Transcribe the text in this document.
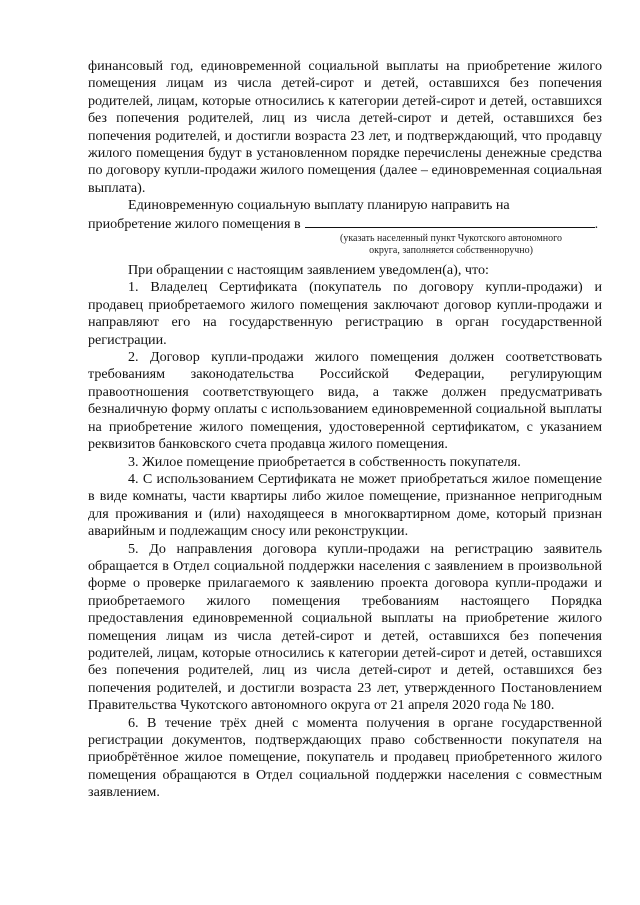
финансовый год, единовременной социальной выплаты на приобретение жилого помещения лицам из числа детей-сирот и детей, оставшихся без попечения родителей, лицам, которые относились к категории детей-сирот и детей, оставшихся без попечения родителей, лиц из числа детей-сирот и детей, оставшихся без попечения родителей, и достигли возраста 23 лет, и подтверждающий, что продавцу жилого помещения будут в установленном порядке перечислены денежные средства по договору купли-продажи жилого помещения (далее – единовременная социальная выплата).

Единовременную социальную выплату планирую направить на

приобретение жилого помещения в	.
(указать населенный пункт Чукотского автономного округа, заполняется собственноручно)

При обращении с настоящим заявлением уведомлен(а), что:

1. Владелец Сертификата (покупатель по договору купли-продажи) и продавец приобретаемого жилого помещения заключают договор купли-продажи и направляют его на государственную регистрацию в орган государственной регистрации.

2. Договор купли-продажи жилого помещения должен соответствовать требованиям законодательства Российской Федерации, регулирующим правоотношения соответствующего вида, а также должен предусматривать безналичную форму оплаты с использованием единовременной социальной выплаты на приобретение жилого помещения, удостоверенной сертификатом, с указанием реквизитов банковского счета продавца жилого помещения.

3. Жилое помещение приобретается в собственность покупателя.

4. С использованием Сертификата не может приобретаться жилое помещение в виде комнаты, части квартиры либо жилое помещение, признанное непригодным для проживания и (или) находящееся в многоквартирном доме, который признан аварийным и подлежащим сносу или реконструкции.

5. До направления договора купли-продажи на регистрацию заявитель обращается в Отдел социальной поддержки населения с заявлением в произвольной форме о проверке прилагаемого к заявлению проекта договора купли-продажи и приобретаемого жилого помещения требованиям настоящего Порядка предоставления единовременной социальной выплаты на приобретение жилого помещения лицам из числа детей-сирот и детей, оставшихся без попечения родителей, лицам, которые относились к категории детей-сирот и детей, оставшихся без попечения родителей, лиц из числа детей-сирот и детей, оставшихся без попечения родителей, и достигли возраста 23 лет, утвержденного Постановлением Правительства Чукотского автономного округа от 21 апреля 2020 года № 180.

6. В течение трёх дней с момента получения в органе государственной регистрации документов, подтверждающих право собственности покупателя на приобрётённое жилое помещение, покупатель и продавец приобретенного жилого помещения обращаются в Отдел социальной поддержки населения с совместным заявлением.
